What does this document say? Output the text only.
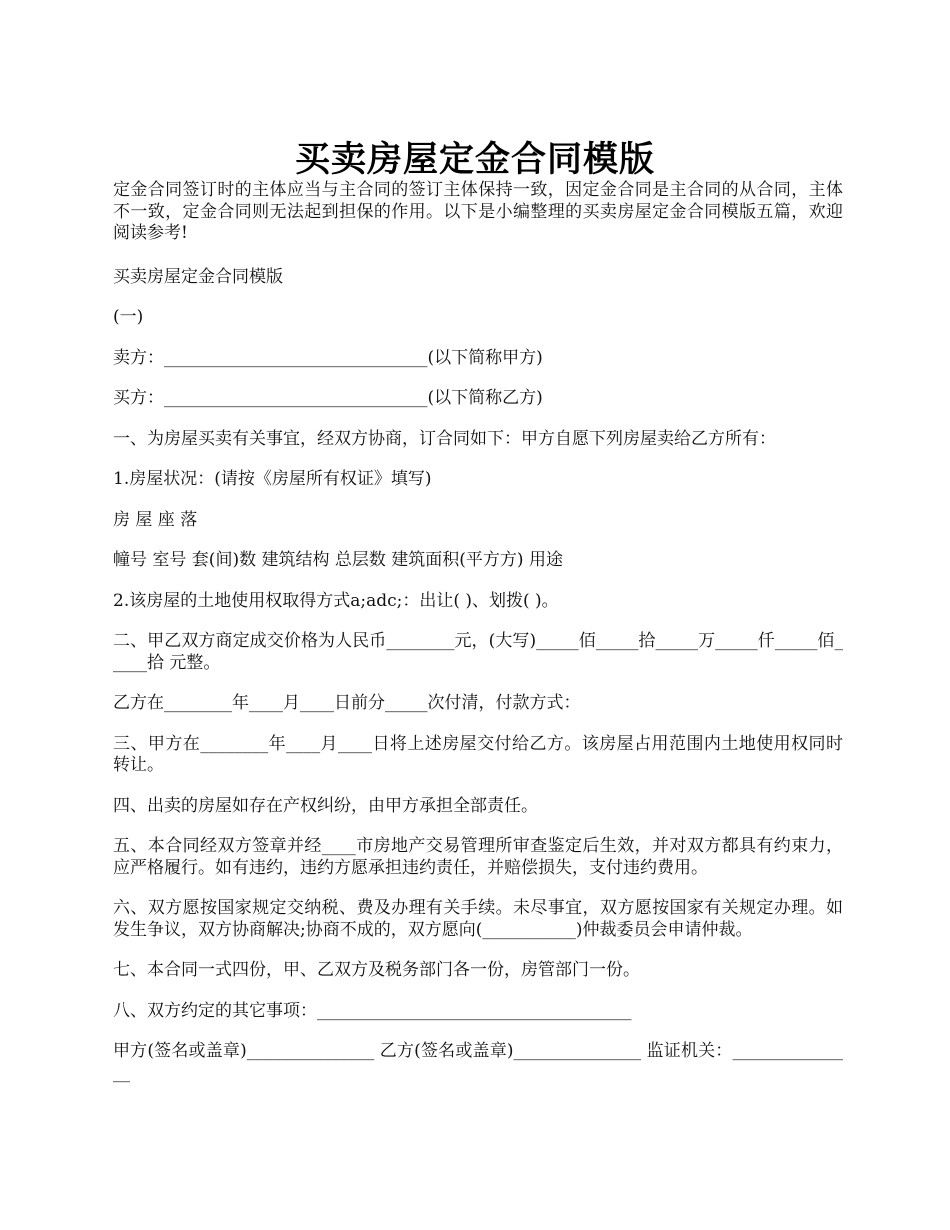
买卖房屋定金合同模版

定金合同签订时的主体应当与主合同的签订主体保持一致，因定金合同是主合同的从合同，主体不一致，定金合同则无法起到担保的作用。以下是小编整理的买卖房屋定金合同模版五篇，欢迎阅读参考!

买卖房屋定金合同模版

(一)

卖方：_______________________________(以下简称甲方)

买方：_______________________________(以下简称乙方)

一、为房屋买卖有关事宜，经双方协商，订合同如下：甲方自愿下列房屋卖给乙方所有：

1.房屋状况：(请按《房屋所有权证》填写)

房 屋 座 落

幢号 室号 套(间)数 建筑结构 总层数 建筑面积(平方方) 用途

2.该房屋的土地使用权取得方式a;adc;：出让( )、划拨( )。

二、甲乙双方商定成交价格为人民币________元，(大写)_____佰_____拾_____万_____仟_____佰_____拾 元整。

乙方在________年____月____日前分_____次付清，付款方式：

三、甲方在________年____月____日将上述房屋交付给乙方。该房屋占用范围内土地使用权同时转让。

四、出卖的房屋如存在产权纠纷，由甲方承担全部责任。

五、本合同经双方签章并经____市房地产交易管理所审查鉴定后生效，并对双方都具有约束力，应严格履行。如有违约，违约方愿承担违约责任，并赔偿损失，支付违约费用。

六、双方愿按国家规定交纳税、费及办理有关手续。未尽事宜，双方愿按国家有关规定办理。如发生争议，双方协商解决;协商不成的，双方愿向(___________)仲裁委员会申请仲裁。

七、本合同一式四份，甲、乙双方及税务部门各一份，房管部门一份。

八、双方约定的其它事项：_____________________________________

甲方(签名或盖章)_______________ 乙方(签名或盖章)_______________ 监证机关：_______________
